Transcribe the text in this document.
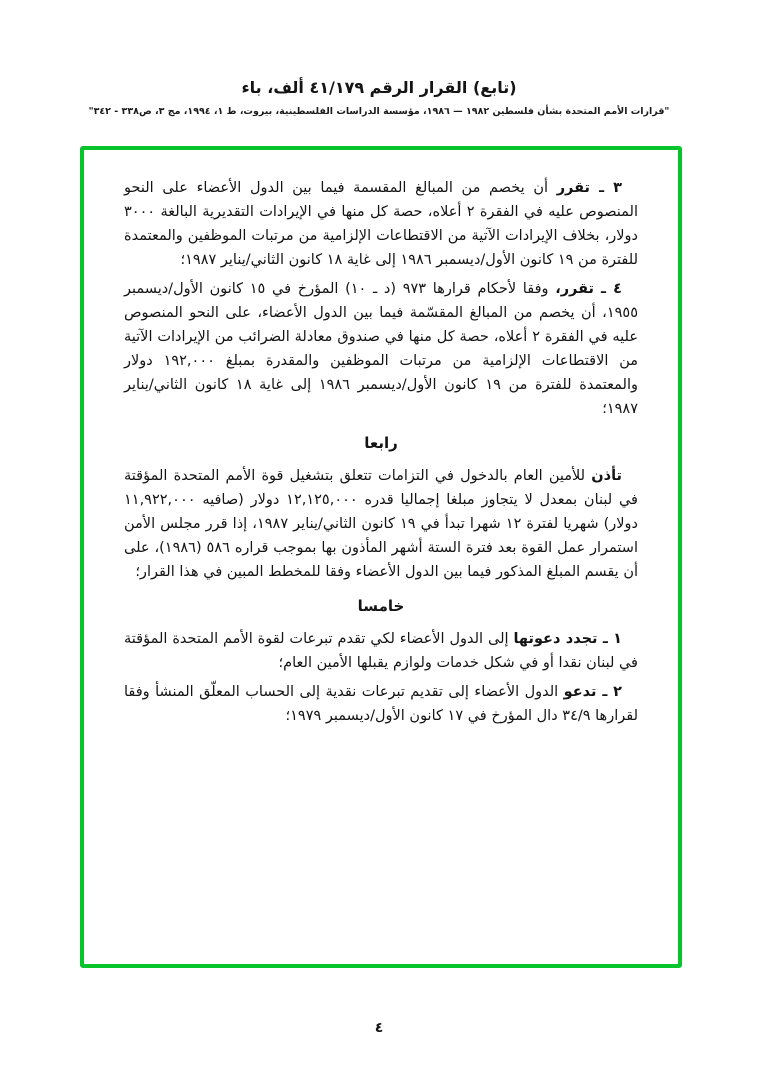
(تابع) القرار الرقم ٤١/١٧٩ ألف، باء
"قرارات الأمم المتحدة بشأن فلسطين ١٩٨٢ — ١٩٨٦، مؤسسة الدراسات الفلسطينية، بيروت، ط ١، ١٩٩٤، مج ٣، ص٣٣٨ - ٣٤٢"

٣ ـ تقرر أن يخصم من المبالغ المقسمة فيما بين الدول الأعضاء على النحو المنصوص عليه في الفقرة ٢ أعلاه، حصة كل منها في الإيرادات التقديرية البالغة ٣٠٠٠ دولار، بخلاف الإيرادات الآتية من الاقتطاعات الإلزامية من مرتبات الموظفين والمعتمدة للفترة من ١٩ كانون الأول/ديسمبر ١٩٨٦ إلى غاية ١٨ كانون الثاني/يناير ١٩٨٧؛

٤ ـ تقرر، وفقا لأحكام قرارها ٩٧٣ (د ـ ١٠) المؤرخ في ١٥ كانون الأول/ديسمبر ١٩٥٥، أن يخصم من المبالغ المقسّمة فيما بين الدول الأعضاء، على النحو المنصوص عليه في الفقرة ٢ أعلاه، حصة كل منها في صندوق معادلة الضرائب من الإيرادات الآتية من الاقتطاعات الإلزامية من مرتبات الموظفين والمقدرة بمبلغ ١٩٢,٠٠٠ دولار والمعتمدة للفترة من ١٩ كانون الأول/ديسمبر ١٩٨٦ إلى غاية ١٨ كانون الثاني/يناير ١٩٨٧؛

رابعا

تأذن للأمين العام بالدخول في التزامات تتعلق بتشغيل قوة الأمم المتحدة المؤقتة في لبنان بمعدل لا يتجاوز مبلغا إجماليا قدره ١٢,١٢٥,٠٠٠ دولار (صافيه ١١,٩٢٢,٠٠٠ دولار) شهريا لفترة ١٢ شهرا تبدأ في ١٩ كانون الثاني/يناير ١٩٨٧، إذا قرر مجلس الأمن استمرار عمل القوة بعد فترة الستة أشهر المأذون بها بموجب قراره ٥٨٦ (١٩٨٦)، على أن يقسم المبلغ المذكور فيما بين الدول الأعضاء وفقا للمخطط المبين في هذا القرار؛

خامسا

١ ـ تجدد دعوتها إلى الدول الأعضاء لكي تقدم تبرعات لقوة الأمم المتحدة المؤقتة في لبنان نقدا أو في شكل خدمات ولوازم يقبلها الأمين العام؛

٢ ـ تدعو الدول الأعضاء إلى تقديم تبرعات نقدية إلى الحساب المعلّق المنشأ وفقا لقرارها ٣٤/٩ دال المؤرخ في ١٧ كانون الأول/ديسمبر ١٩٧٩؛

٤
